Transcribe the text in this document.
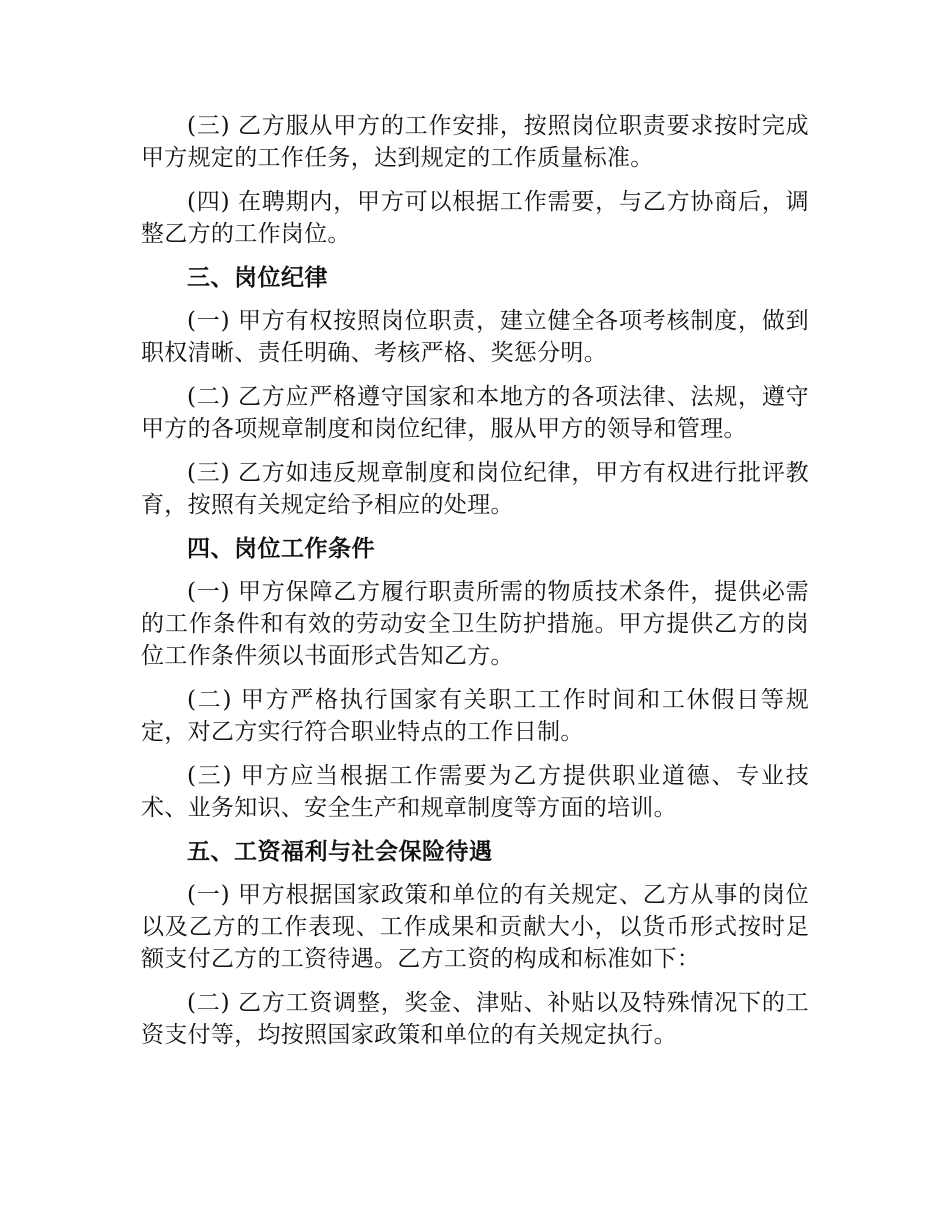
(三) 乙方服从甲方的工作安排，按照岗位职责要求按时完成甲方规定的工作任务，达到规定的工作质量标准。

(四) 在聘期内，甲方可以根据工作需要，与乙方协商后，调整乙方的工作岗位。

三、岗位纪律

(一) 甲方有权按照岗位职责，建立健全各项考核制度，做到职权清晰、责任明确、考核严格、奖惩分明。

(二) 乙方应严格遵守国家和本地方的各项法律、法规，遵守甲方的各项规章制度和岗位纪律，服从甲方的领导和管理。

(三) 乙方如违反规章制度和岗位纪律，甲方有权进行批评教育，按照有关规定给予相应的处理。

四、岗位工作条件

(一) 甲方保障乙方履行职责所需的物质技术条件，提供必需的工作条件和有效的劳动安全卫生防护措施。甲方提供乙方的岗位工作条件须以书面形式告知乙方。

(二) 甲方严格执行国家有关职工工作时间和工休假日等规定，对乙方实行符合职业特点的工作日制。

(三) 甲方应当根据工作需要为乙方提供职业道德、专业技术、业务知识、安全生产和规章制度等方面的培训。

五、工资福利与社会保险待遇

(一) 甲方根据国家政策和单位的有关规定、乙方从事的岗位以及乙方的工作表现、工作成果和贡献大小，以货币形式按时足额支付乙方的工资待遇。乙方工资的构成和标准如下：

(二) 乙方工资调整，奖金、津贴、补贴以及特殊情况下的工资支付等，均按照国家政策和单位的有关规定执行。
